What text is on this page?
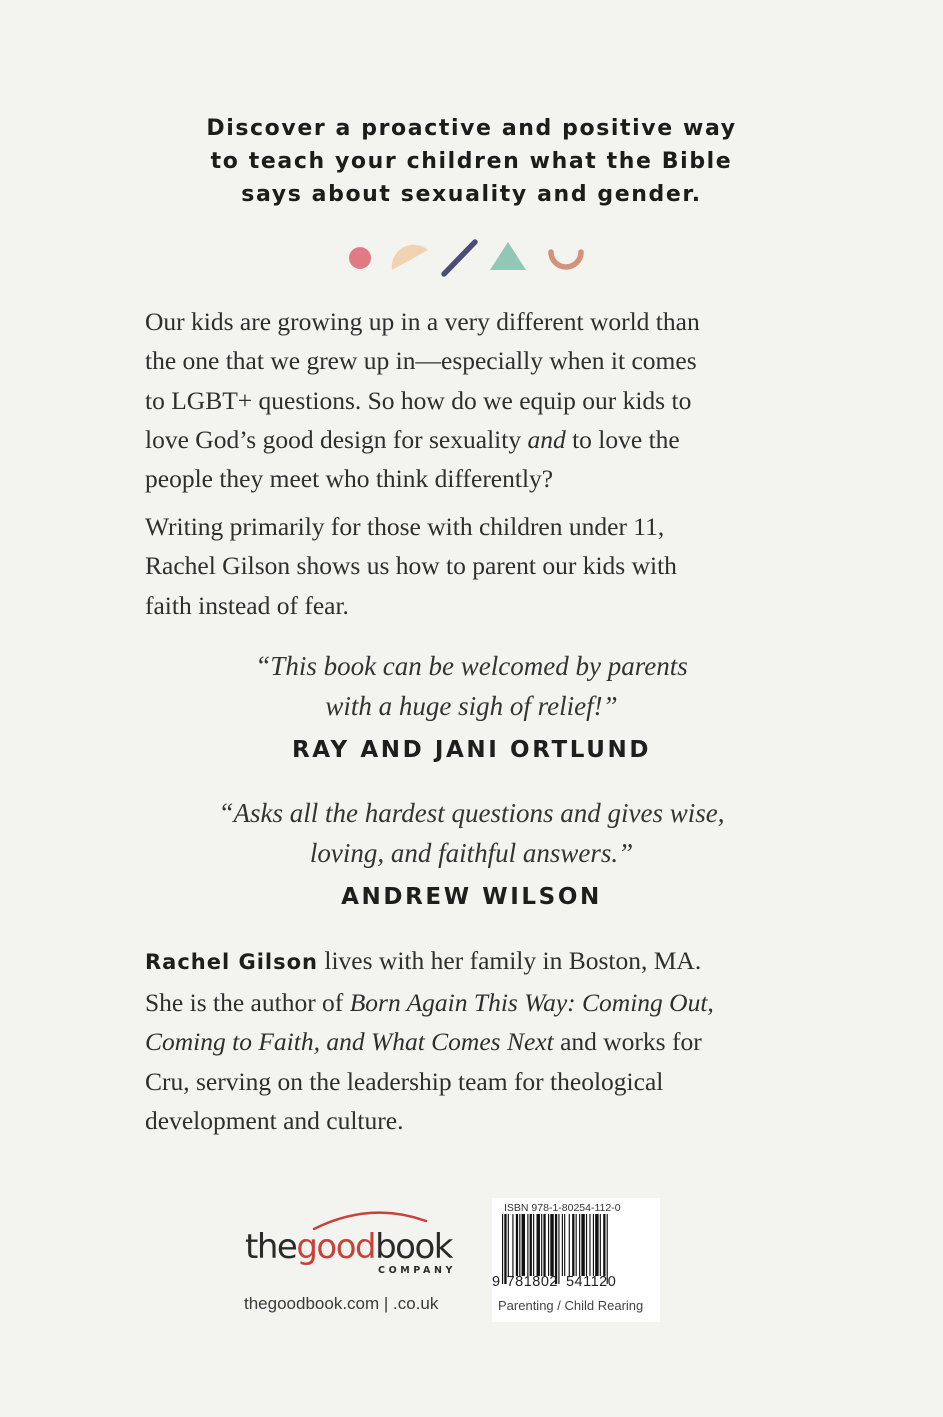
Discover a proactive and positive way
to teach your children what the Bible
says about sexuality and gender.
Our kids are growing up in a very different world than
the one that we grew up in—especially when it comes
to LGBT+ questions. So how do we equip our kids to
love God’s good design for sexuality and to love the
people they meet who think differently?
Writing primarily for those with children under 11,
Rachel Gilson shows us how to parent our kids with
faith instead of fear.
“This book can be welcomed by parents
with a huge sigh of relief!”
RAY AND JANI ORTLUND
“Asks all the hardest questions and gives wise,
loving, and faithful answers.”
ANDREW WILSON
Rachel Gilson lives with her family in Boston, MA.
She is the author of Born Again This Way: Coming Out,
Coming to Faith, and What Comes Next and works for
Cru, serving on the leadership team for theological
development and culture.
thegoodbook
COMPANY
thegoodbook.com | .co.uk
ISBN 978-1-80254-112-0
9 781802 541120
Parenting / Child Rearing
